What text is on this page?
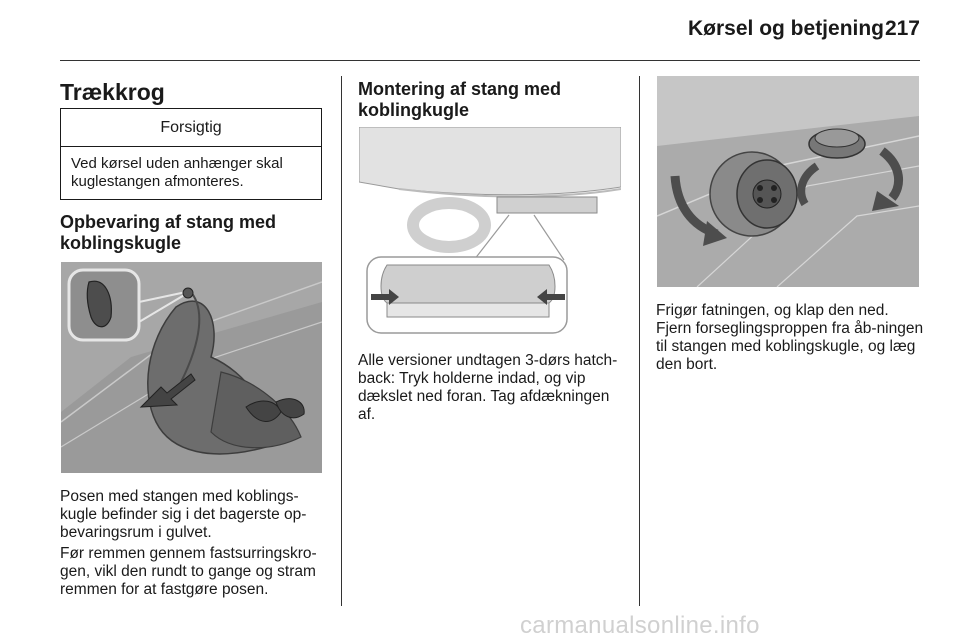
Kørsel og betjening 217
Trækkrog
Forsigtig
Ved kørsel uden anhænger skal kuglestangen afmonteres.
Opbevaring af stang med koblingskugle
Posen med stangen med koblings-kugle befinder sig i det bagerste op-bevaringsrum i gulvet.
Før remmen gennem fastsurringskro-gen, vikl den rundt to gange og stram remmen for at fastgøre posen.
Montering af stang med koblingkugle
Alle versioner undtagen 3-dørs hatch-back: Tryk holderne indad, og vip dækslet ned foran. Tag afdækningen af.
Frigør fatningen, og klap den ned. Fjern forseglingsproppen fra åb-ningen til stangen med koblingskugle, og læg den bort.
carmanualsonline.info
